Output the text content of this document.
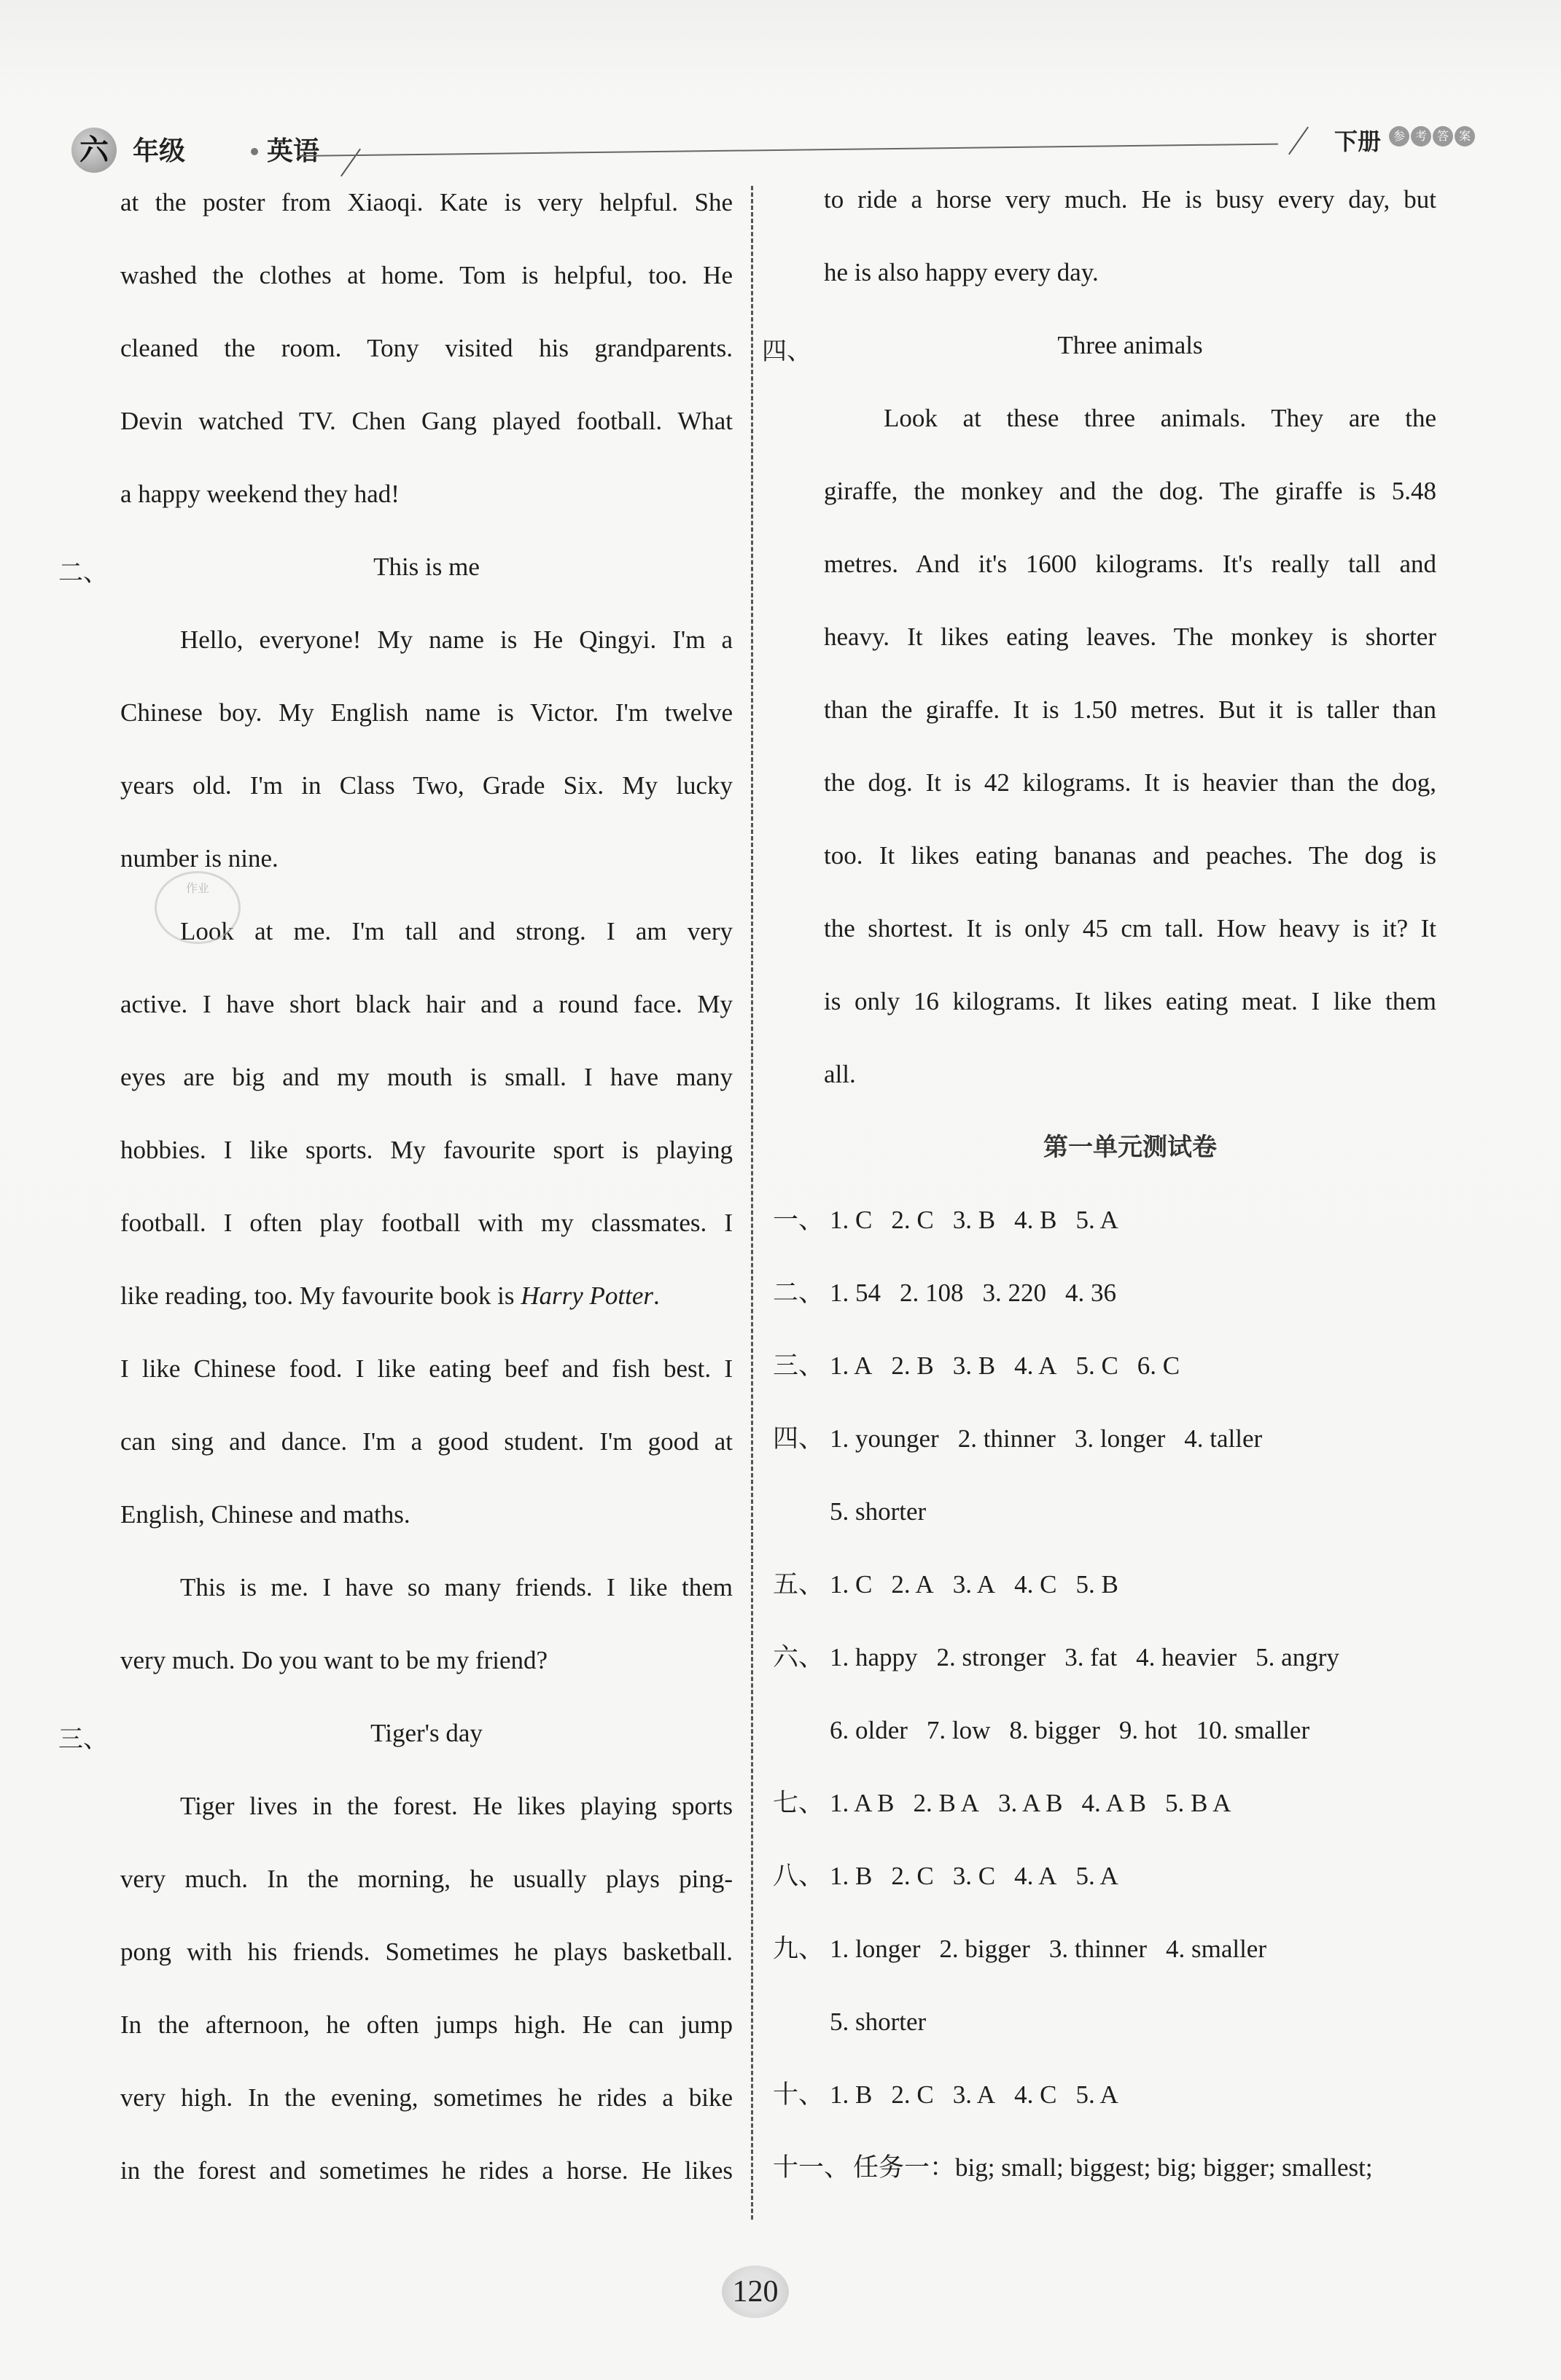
六 年级	英语	下册	参 考 答 案
at the poster from Xiaoqi. Kate is very helpful. She
washed the clothes at home. Tom is helpful, too. He
cleaned the room. Tony visited his grandparents.
Devin watched TV. Chen Gang played football. What
a happy weekend they had!
二、	This is me
Hello, everyone! My name is He Qingyi. I'm a
Chinese boy. My English name is Victor. I'm twelve
years old. I'm in Class Two, Grade Six. My lucky
number is nine.
Look at me. I'm tall and strong. I am very
active. I have short black hair and a round face. My
eyes are big and my mouth is small. I have many
hobbies. I like sports. My favourite sport is playing
football. I often play football with my classmates. I
like reading, too. My favourite book is Harry Potter.
I like Chinese food. I like eating beef and fish best. I
can sing and dance. I'm a good student. I'm good at
English, Chinese and maths.
This is me. I have so many friends. I like them
very much. Do you want to be my friend?
三、	Tiger's day
Tiger lives in the forest. He likes playing sports
very much. In the morning, he usually plays ping-
pong with his friends. Sometimes he plays basketball.
In the afternoon, he often jumps high. He can jump
very high. In the evening, sometimes he rides a bike
in the forest and sometimes he rides a horse. He likes
作业
to ride a horse very much. He is busy every day, but
he is also happy every day.
四、	Three animals
Look at these three animals. They are the
giraffe, the monkey and the dog. The giraffe is 5.48
metres. And it's 1600 kilograms. It's really tall and
heavy. It likes eating leaves. The monkey is shorter
than the giraffe. It is 1.50 metres. But it is taller than
the dog. It is 42 kilograms. It is heavier than the dog,
too. It likes eating bananas and peaches. The dog is
the shortest. It is only 45 cm tall. How heavy is it? It
is only 16 kilograms. It likes eating meat. I like them
all.
第一单元测试卷
一、 1. C 2. C 3. B 4. B 5. A
二、 1. 54 2. 108 3. 220 4. 36
三、 1. A 2. B 3. B 4. A 5. C 6. C
四、 1. younger 2. thinner 3. longer 4. taller
5. shorter
五、 1. C 2. A 3. A 4. C 5. B
六、 1. happy 2. stronger 3. fat 4. heavier 5. angry
6. older 7. low 8. bigger 9. hot 10. smaller
七、 1. A B 2. B A 3. A B 4. A B 5. B A
八、 1. B 2. C 3. C 4. A 5. A
九、 1. longer 2. bigger 3. thinner 4. smaller
5. shorter
十、 1. B 2. C 3. A 4. C 5. A
十一、 任务一：big; small; biggest; big; bigger; smallest;
120
